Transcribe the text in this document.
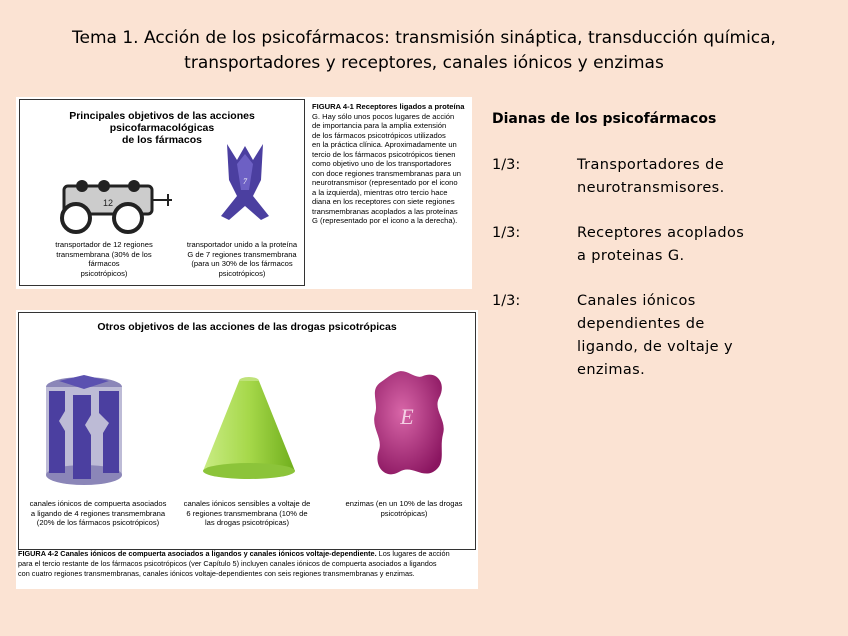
Tema 1. Acción de los psicofármacos: transmisión sináptica, transducción química,
transportadores y receptores, canales iónicos y enzimas
Principales objetivos de las acciones psicofarmacológicas
de los fármacos
12
7
transportador de 12 regiones
transmembrana (30% de los fármacos
psicotrópicos)
transportador unido a la proteína
G de 7 regiones transmembrana
(para un 30% de los fármacos
psicotrópicos)
FIGURA 4-1 Receptores ligados a proteína
G. Hay sólo unos pocos lugares de acción
de importancia para la amplia extensión
de los fármacos psicotrópicos utilizados
en la práctica clínica. Aproximadamente un
tercio de los fármacos psicotrópicos tienen
como objetivo uno de los transportadores
con doce regiones transmembranas para un
neurotransmisor (representado por el icono
a la izquierda), mientras otro tercio hace
diana en los receptores con siete regiones
transmembranas acoplados a las proteínas
G (representado por el icono a la derecha).
Otros objetivos de las acciones de las drogas psicotrópicas
E
canales iónicos de compuerta asociados
a ligando de 4 regiones transmembrana
(20% de los fármacos psicotrópicos)
canales iónicos sensibles a voltaje de
6 regiones transmembrana (10% de
las drogas psicotrópicas)
enzimas (en un 10% de las drogas
psicotrópicas)
FIGURA 4-2 Canales iónicos de compuerta asociados a ligandos y canales iónicos voltaje-dependiente. Los lugares de acción
para el tercio restante de los fármacos psicotrópicos (ver Capítulo 5) incluyen canales iónicos de compuerta asociados a ligandos
con cuatro regiones transmembranas, canales iónicos voltaje-dependientes con seis regiones transmembranas y enzimas.
Dianas de los psicofármacos
1/3:	Transportadores de
neurotransmisores.
1/3:	Receptores acoplados
a proteinas G.
1/3:	Canales iónicos
dependientes de
ligando, de voltaje y
enzimas.
